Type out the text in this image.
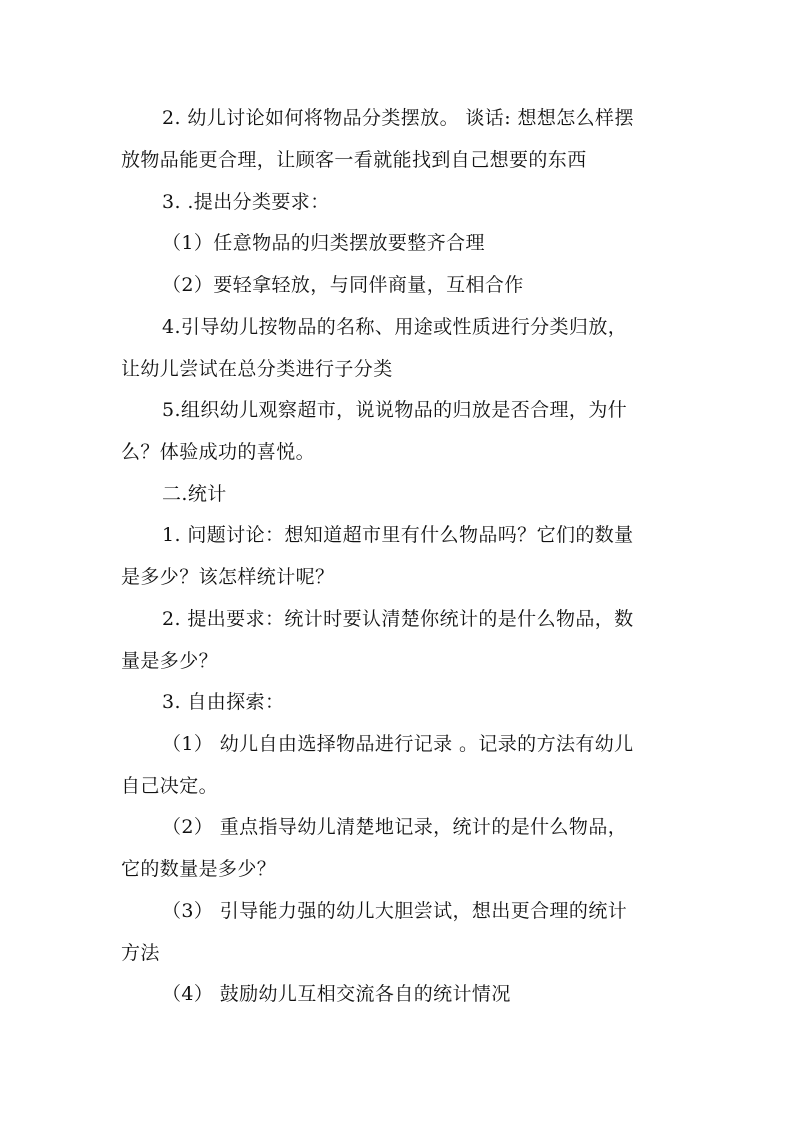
2. 幼儿讨论如何将物品分类摆放。 谈话: 想想怎么样摆
放物品能更合理，让顾客一看就能找到自己想要的东西
3. .提出分类要求：
（1）任意物品的归类摆放要整齐合理
（2）要轻拿轻放，与同伴商量，互相合作
4.引导幼儿按物品的名称、用途或性质进行分类归放，
让幼儿尝试在总分类进行子分类
5.组织幼儿观察超市，说说物品的归放是否合理，为什
么？体验成功的喜悦。
二.统计
1. 问题讨论：想知道超市里有什么物品吗？它们的数量
是多少？该怎样统计呢？
2. 提出要求：统计时要认清楚你统计的是什么物品，数
量是多少？
3. 自由探索：
（1） 幼儿自由选择物品进行记录 。记录的方法有幼儿
自己决定。
（2） 重点指导幼儿清楚地记录，统计的是什么物品，
它的数量是多少？
（3） 引导能力强的幼儿大胆尝试，想出更合理的统计
方法
（4） 鼓励幼儿互相交流各自的统计情况
